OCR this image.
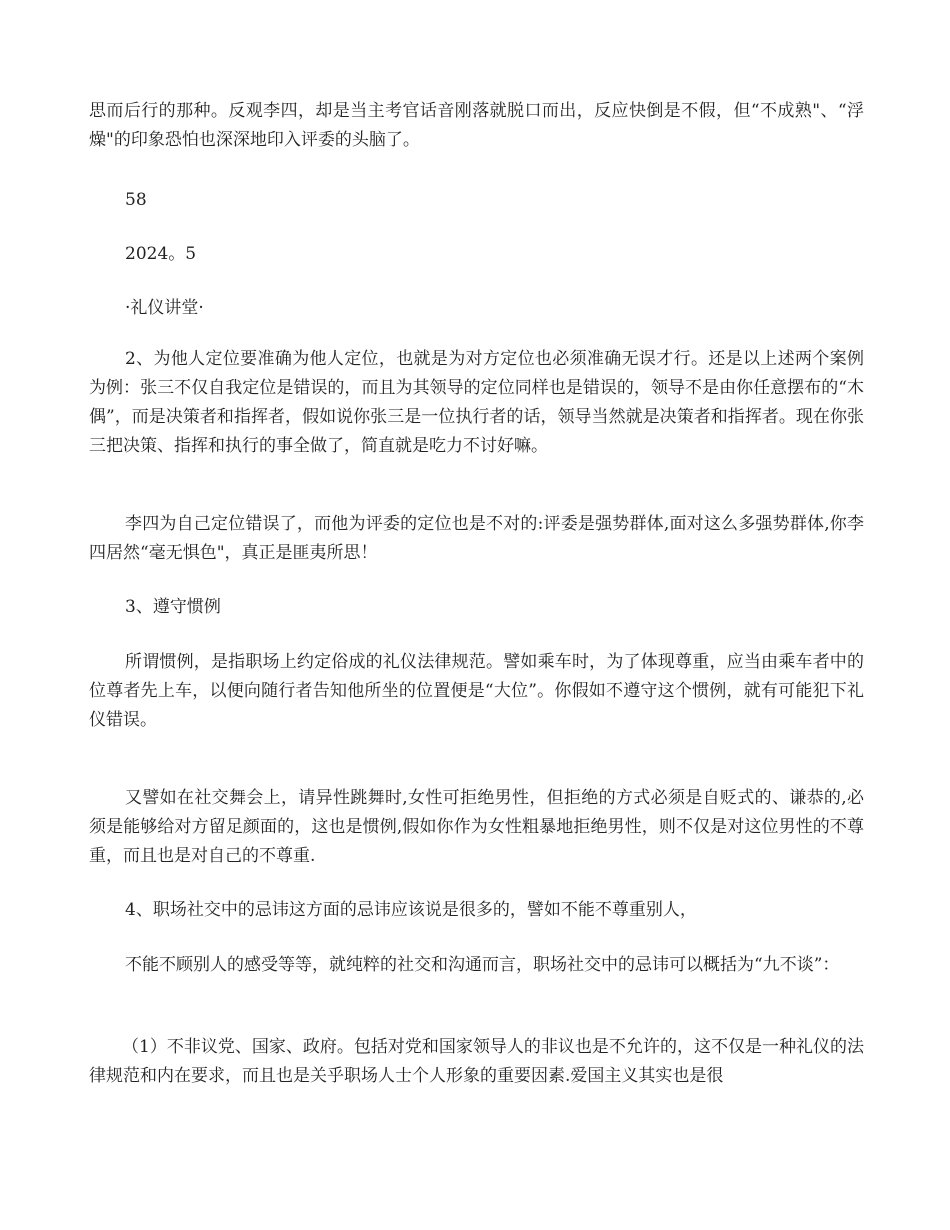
思而后行的那种。反观李四，却是当主考官话音刚落就脱口而出，反应快倒是不假，但“不成熟"、“浮燥"的印象恐怕也深深地印入评委的头脑了。

58

2024。5

·礼仪讲堂·

2、为他人定位要准确为他人定位，也就是为对方定位也必须准确无误才行。还是以上述两个案例为例：张三不仅自我定位是错误的，而且为其领导的定位同样也是错误的，领导不是由你任意摆布的“木偶”，而是决策者和指挥者，假如说你张三是一位执行者的话，领导当然就是决策者和指挥者。现在你张三把决策、指挥和执行的事全做了，简直就是吃力不讨好嘛。

李四为自己定位错误了，而他为评委的定位也是不对的:评委是强势群体,面对这么多强势群体,你李四居然“毫无惧色"，真正是匪夷所思！

3、遵守惯例

所谓惯例，是指职场上约定俗成的礼仪法律规范。譬如乘车时，为了体现尊重，应当由乘车者中的位尊者先上车，以便向随行者告知他所坐的位置便是“大位”。你假如不遵守这个惯例，就有可能犯下礼仪错误。

又譬如在社交舞会上，请异性跳舞时,女性可拒绝男性，但拒绝的方式必须是自贬式的、谦恭的,必须是能够给对方留足颜面的，这也是惯例,假如你作为女性粗暴地拒绝男性，则不仅是对这位男性的不尊重，而且也是对自己的不尊重.

4、职场社交中的忌讳这方面的忌讳应该说是很多的，譬如不能不尊重别人，

不能不顾别人的感受等等，就纯粹的社交和沟通而言，职场社交中的忌讳可以概括为“九不谈”：

（1）不非议党、国家、政府。包括对党和国家领导人的非议也是不允许的，这不仅是一种礼仪的法律规范和内在要求，而且也是关乎职场人士个人形象的重要因素.爱国主义其实也是很
